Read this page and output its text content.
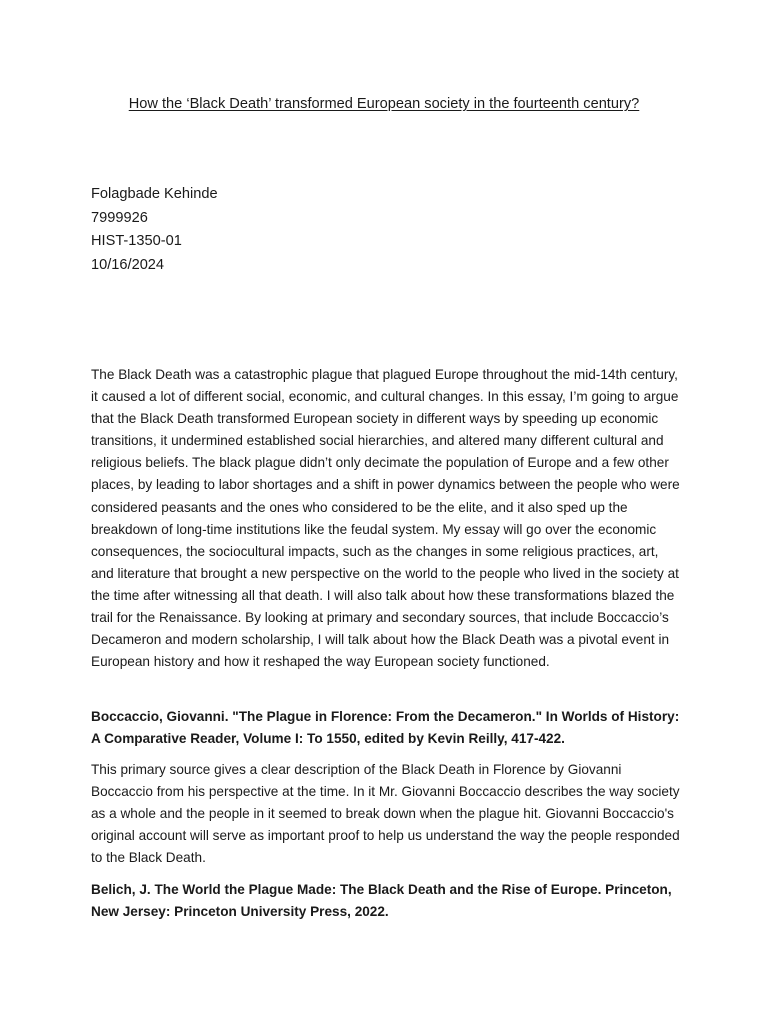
How the ‘Black Death’ transformed European society in the fourteenth century?
Folagbade Kehinde
7999926
HIST-1350-01
10/16/2024

The Black Death was a catastrophic plague that plagued Europe throughout the mid-14th century, it caused a lot of different social, economic, and cultural changes. In this essay, I’m going to argue that the Black Death transformed European society in different ways by speeding up economic transitions, it undermined established social hierarchies, and altered many different cultural and religious beliefs. The black plague didn’t only decimate the population of Europe and a few other places, by leading to labor shortages and a shift in power dynamics between the people who were considered peasants and the ones who considered to be the elite, and it also sped up the breakdown of long-time institutions like the feudal system. My essay will go over the economic consequences, the sociocultural impacts, such as the changes in some religious practices, art, and literature that brought a new perspective on the world to the people who lived in the society at the time after witnessing all that death. I will also talk about how these transformations blazed the trail for the Renaissance. By looking at primary and secondary sources, that include Boccaccio’s Decameron and modern scholarship, I will talk about how the Black Death was a pivotal event in European history and how it reshaped the way European society functioned.

Boccaccio, Giovanni. "The Plague in Florence: From the Decameron." In Worlds of History: A Comparative Reader, Volume I: To 1550, edited by Kevin Reilly, 417-422.

This primary source gives a clear description of the Black Death in Florence by Giovanni Boccaccio from his perspective at the time. In it Mr. Giovanni Boccaccio describes the way society as a whole and the people in it seemed to break down when the plague hit. Giovanni Boccaccio's original account will serve as important proof to help us understand the way the people responded to the Black Death.

Belich, J. The World the Plague Made: The Black Death and the Rise of Europe. Princeton, New Jersey: Princeton University Press, 2022.
